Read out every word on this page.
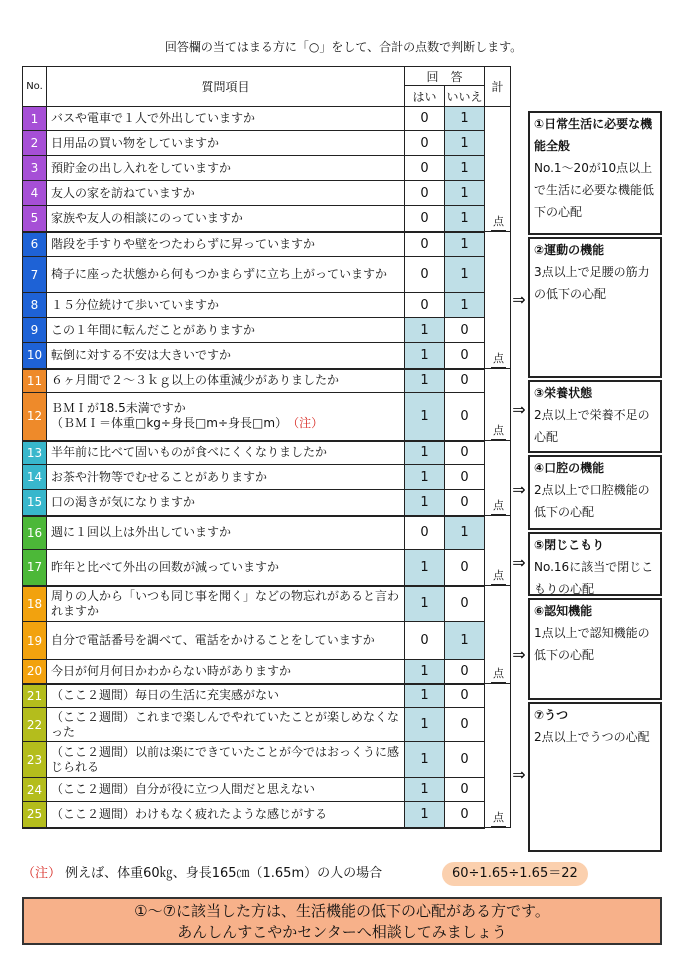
回答欄の当てはまる方に「○」をして、合計の点数で判断します。
No.	質問項目	回　答		計
		はい	いいえ	
1	バスや電車で１人で外出していますか	0	1	点
2	日用品の買い物をしていますか	0	1	
3	預貯金の出し入れをしていますか	0	1	
4	友人の家を訪ねていますか	0	1	
5	家族や友人の相談にのっていますか	0	1	
6	階段を手すりや壁をつたわらずに昇っていますか	0	1	点
7	椅子に座った状態から何もつかまらずに立ち上がっていますか	0	1	
8	１５分位続けて歩いていますか	0	1	
9	この１年間に転んだことがありますか	1	0	
10	転倒に対する不安は大きいですか	1	0	
11	６ヶ月間で２～３ｋｇ以上の体重減少がありましたか	1	0	点
12	ＢＭＩが18.5未満ですか
（ＢＭＩ＝体重□kg÷身長□m÷身長□m） （注）	1	0	
13	半年前に比べて固いものが食べにくくなりましたか	1	0	点
14	お茶や汁物等でむせることがありますか	1	0	
15	口の渇きが気になりますか	1	0	
16	週に１回以上は外出していますか	0	1	点
17	昨年と比べて外出の回数が減っていますか	1	0	
18	周りの人から「いつも同じ事を聞く」などの物忘れがあると言われますか	1	0	点
19	自分で電話番号を調べて、電話をかけることをしていますか	0	1	
20	今日が何月何日かわからない時がありますか	1	0	
21	（ここ２週間）毎日の生活に充実感がない	1	0	点
22	（ここ２週間）これまで楽しんでやれていたことが楽しめなくなった	1	0	
23	（ここ２週間）以前は楽にできていたことが今ではおっくうに感じられる	1	0	
24	（ここ２週間）自分が役に立つ人間だと思えない	1	0	
25	（ここ２週間）わけもなく疲れたような感じがする	1	0	
①日常生活に必要な機能全般
No.1～20が10点以上で生活に必要な機能低下の心配
②運動の機能
3点以上で足腰の筋力の低下の心配
③栄養状態
2点以上で栄養不足の心配
④口腔の機能
2点以上で口腔機能の低下の心配
⑤閉じこもり
No.16に該当で閉じこもりの心配
⑥認知機能
1点以上で認知機能の低下の心配
⑦うつ
2点以上でうつの心配
（注） 例えば、体重60㎏、身長165㎝（1.65m）の人の場合	60÷1.65÷1.65＝22
①～⑦に該当した方は、生活機能の低下の心配がある方です。
あんしんすこやかセンターへ相談してみましょう
⇒
⇒
⇒
⇒
⇒
⇒
